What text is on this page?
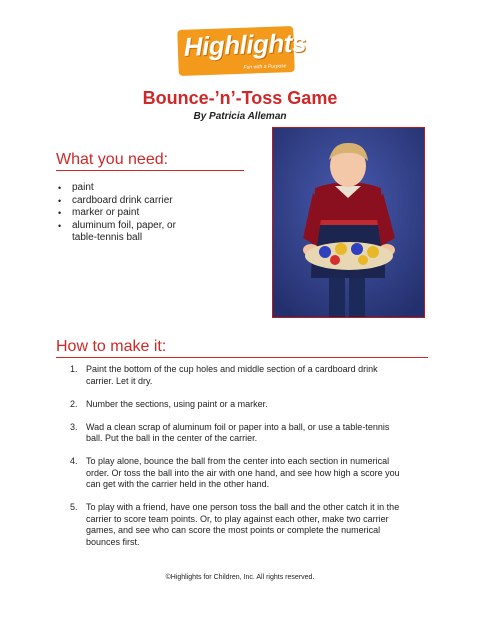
Highlights
Fun with a Purpose
Bounce-’n’-Toss Game
By Patricia Alleman
What you need:
• paint
• cardboard drink carrier
• marker or paint
• aluminum foil, paper, or
table-tennis ball
How to make it:
1. Paint the bottom of the cup holes and middle section of a cardboard drink carrier. Let it dry.
2. Number the sections, using paint or a marker.
3. Wad a clean scrap of aluminum foil or paper into a ball, or use a table-tennis ball. Put the ball in the center of the carrier.
4. To play alone, bounce the ball from the center into each section in numerical order. Or toss the ball into the air with one hand, and see how high a score you can get with the carrier held in the other hand.
5. To play with a friend, have one person toss the ball and the other catch it in the carrier to score team points. Or, to play against each other, make two carrier games, and see who can score the most points or complete the numerical bounces first.
©Highlights for Children, Inc. All rights reserved.
